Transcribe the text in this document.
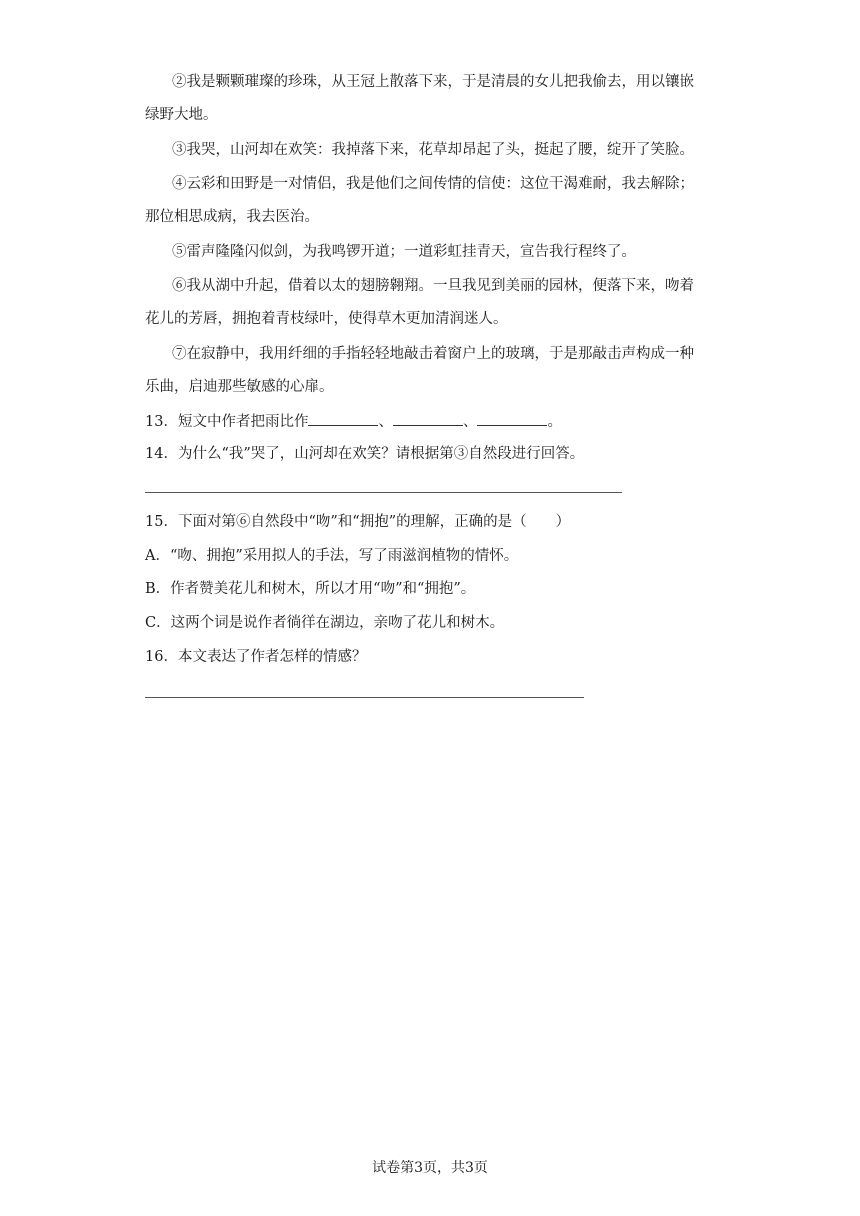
②我是颗颗璀璨的珍珠，从王冠上散落下来，于是清晨的女儿把我偷去，用以镶嵌
绿野大地。
③我哭，山河却在欢笑：我掉落下来，花草却昂起了头，挺起了腰，绽开了笑脸。
④云彩和田野是一对情侣，我是他们之间传情的信使：这位干渴难耐，我去解除；
那位相思成病，我去医治。
⑤雷声隆隆闪似剑，为我鸣锣开道；一道彩虹挂青天，宣告我行程终了。
⑥我从湖中升起，借着以太的翅膀翱翔。一旦我见到美丽的园林，便落下来，吻着
花儿的芳唇，拥抱着青枝绿叶，使得草木更加清润迷人。
⑦在寂静中，我用纤细的手指轻轻地敲击着窗户上的玻璃，于是那敲击声构成一种
乐曲，启迪那些敏感的心扉。
13．短文中作者把雨比作	、	、	。
14．为什么“我”哭了，山河却在欢笑？请根据第③自然段进行回答。
15．下面对第⑥自然段中“吻”和“拥抱”的理解，正确的是（　　）
A．“吻、拥抱”采用拟人的手法，写了雨滋润植物的情怀。
B．作者赞美花儿和树木，所以才用“吻”和“拥抱”。
C．这两个词是说作者徜徉在湖边，亲吻了花儿和树木。
16．本文表达了作者怎样的情感？
试卷第3页，共3页
